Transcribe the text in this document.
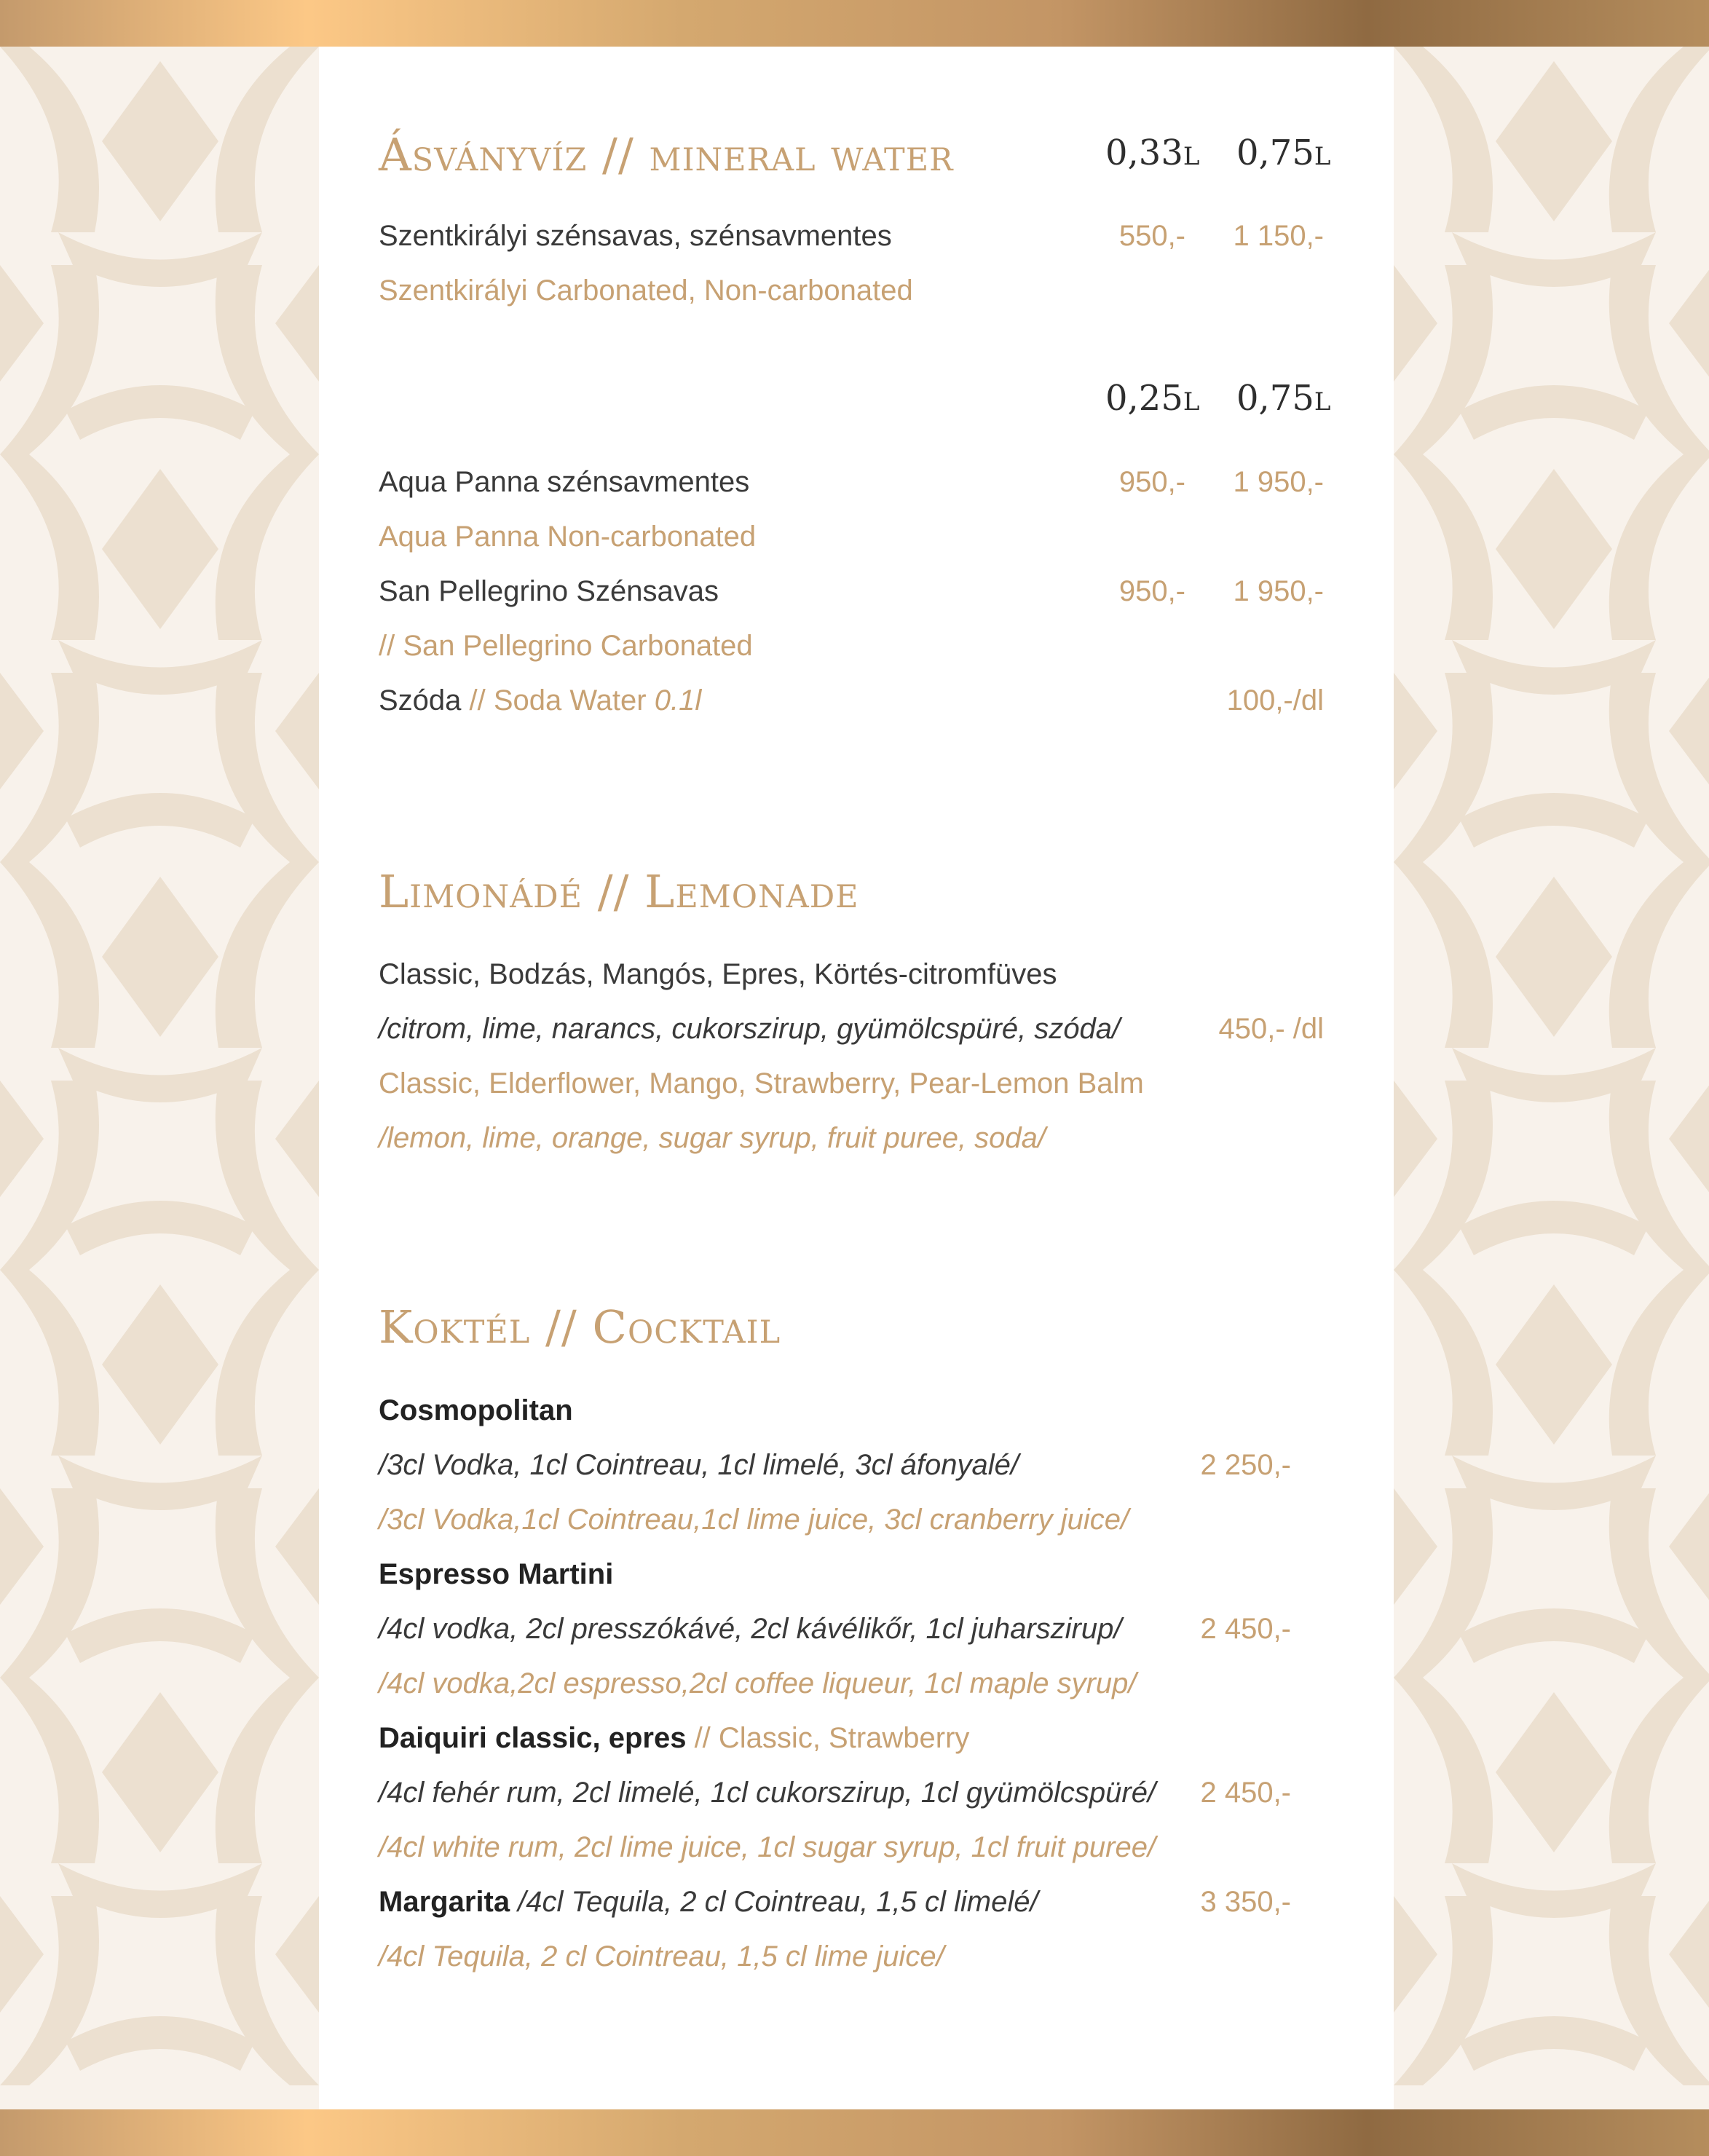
Ásványvíz // mineral water	0,33l 0,75l
Szentkirályi szénsavas, szénsavmentes	550,-	1 150,-
Szentkirályi Carbonated, Non-carbonated
0,25l 0,75l
Aqua Panna szénsavmentes	950,-	1 950,-
Aqua Panna Non-carbonated
San Pellegrino Szénsavas	950,-	1 950,-
// San Pellegrino Carbonated
Szóda // Soda Water 0.1l	100,-/dl
Limonádé // Lemonade
Classic, Bodzás, Mangós, Epres, Körtés-citromfüves
/citrom, lime, narancs, cukorszirup, gyümölcspüré, szóda/	450,- /dl
Classic, Elderflower, Mango, Strawberry, Pear-Lemon Balm
/lemon, lime, orange, sugar syrup, fruit puree, soda/
Koktél // Cocktail
Cosmopolitan
/3cl Vodka, 1cl Cointreau, 1cl limelé, 3cl áfonyalé/	2 250,-
/3cl Vodka,1cl Cointreau,1cl lime juice, 3cl cranberry juice/
Espresso Martini
/4cl vodka, 2cl presszókávé, 2cl kávélikőr, 1cl juharszirup/	2 450,-
/4cl vodka,2cl espresso,2cl coffee liqueur, 1cl maple syrup/
Daiquiri classic, epres // Classic, Strawberry
/4cl fehér rum, 2cl limelé, 1cl cukorszirup, 1cl gyümölcspüré/	2 450,-
/4cl white rum, 2cl lime juice, 1cl sugar syrup, 1cl fruit puree/
Margarita /4cl Tequila, 2 cl Cointreau, 1,5 cl limelé/	3 350,-
/4cl Tequila, 2 cl Cointreau, 1,5 cl lime juice/
